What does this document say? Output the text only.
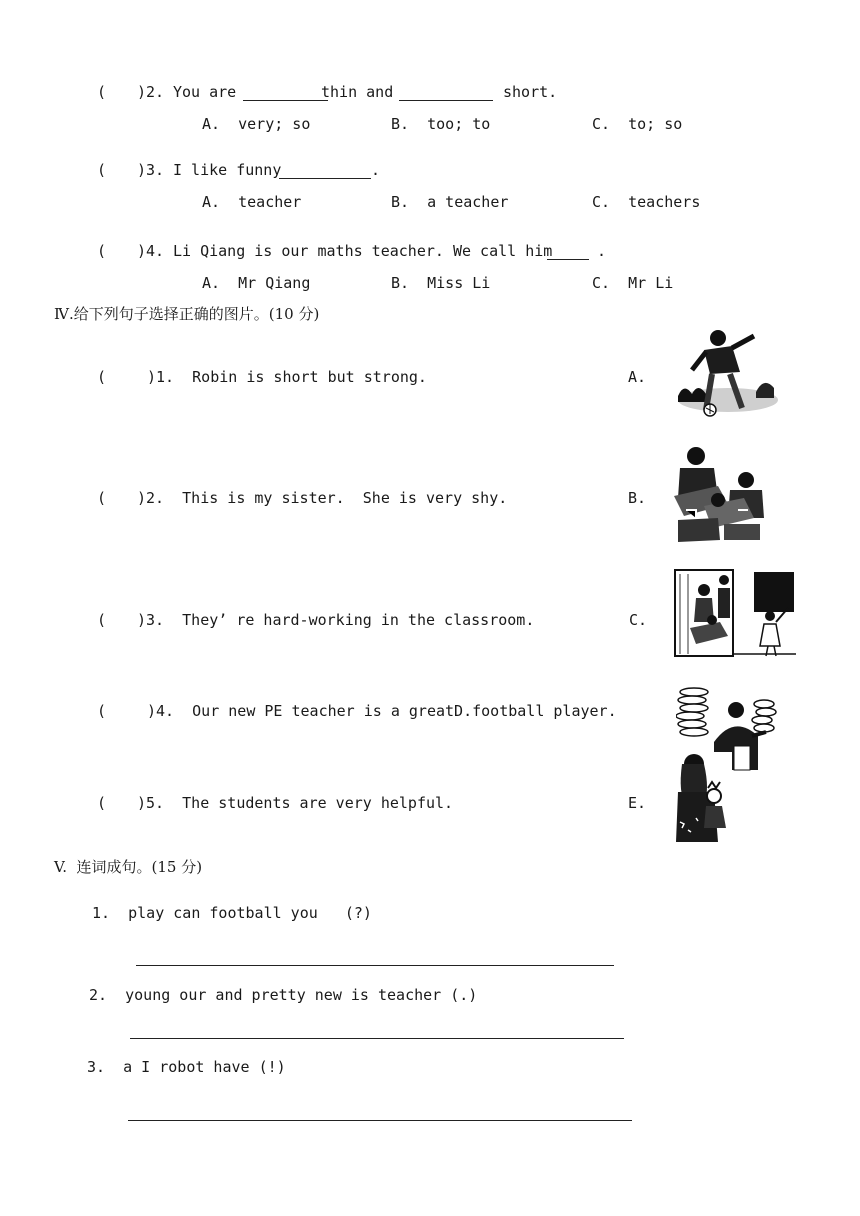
( )2. You are	thin and	short.
A.  very; so	B.  too; to	C.  to; so
( )3. I like funny	.
A.  teacher	B.  a teacher	C.  teachers
( )4. Li Qiang is our maths teacher. We call him	.
A.  Mr Qiang	B.  Miss Li	C.  Mr Li
Ⅳ.给下列句子选择正确的图片。(10 分)
(	)1.  Robin is short but strong.	A.
( )2.  This is my sister.  She is very shy.	B.
( )3.  They’ re hard-working in the classroom.	C.
(	)4.  Our new PE teacher is a greatD.football player.
( )5.  The students are very helpful.	E.
V.  连词成句。(15 分)
1.  play can football you   (?)
2.  young our and pretty new is teacher (.)
3.  a I robot have (!)
